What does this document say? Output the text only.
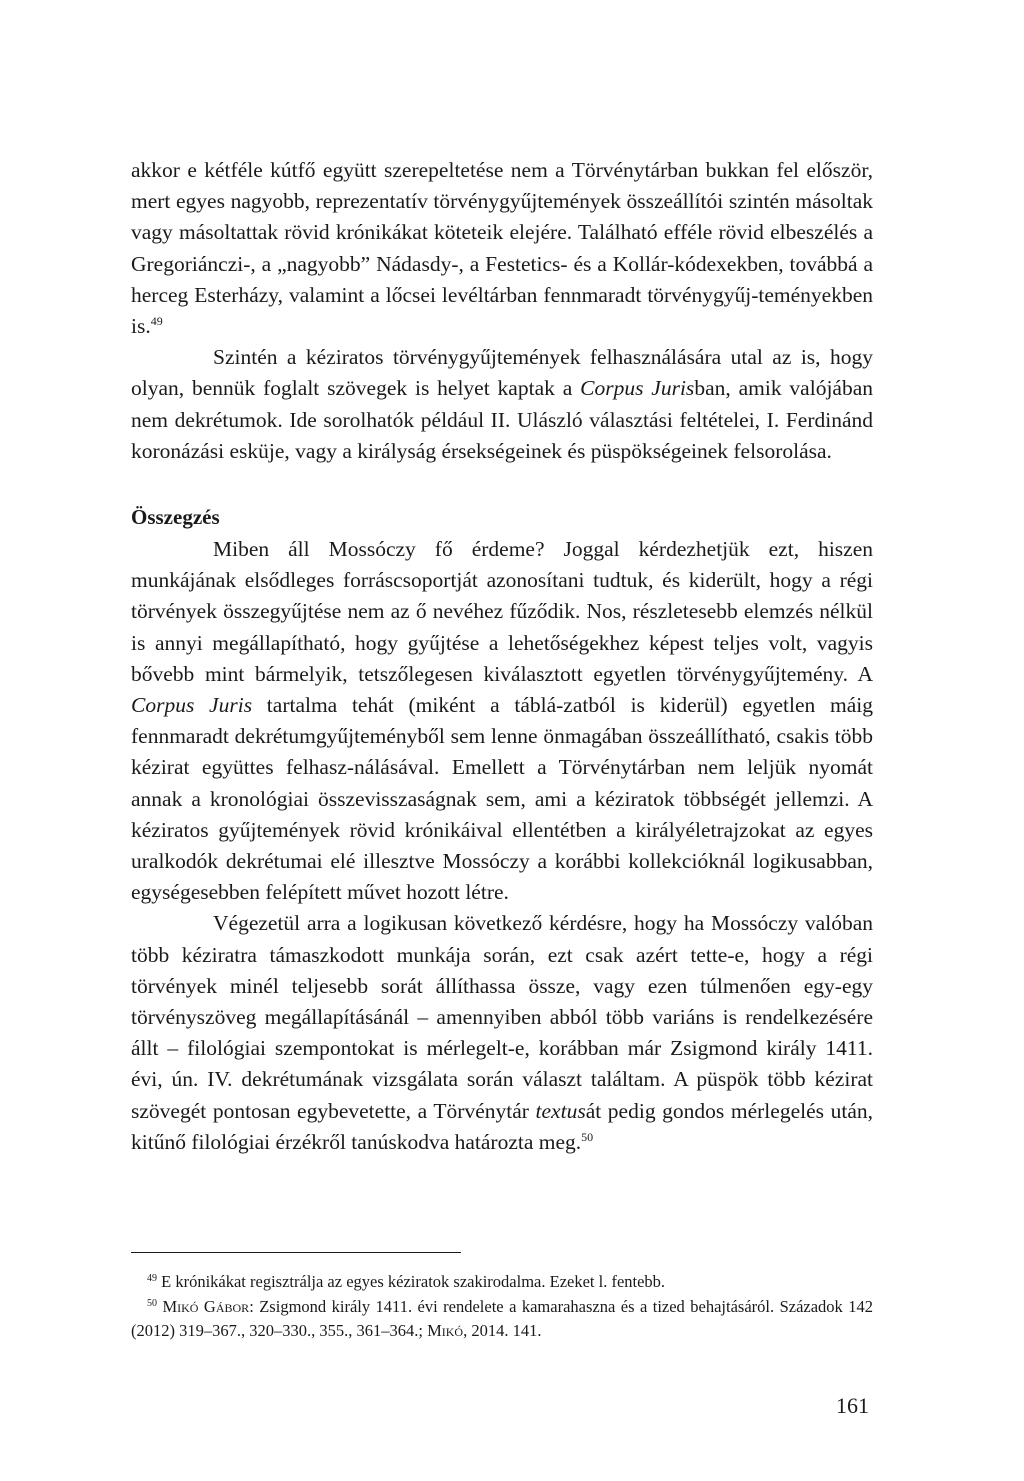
akkor e kétféle kútfő együtt szerepeltetése nem a Törvénytárban bukkan fel először, mert egyes nagyobb, reprezentatív törvénygyűjtemények összeállítói szintén másoltak vagy másoltattak rövid krónikákat köteteik elejére. Található efféle rövid elbeszélés a Gregoriánczi-, a „nagyobb” Nádasdy-, a Festetics- és a Kollár-kódexekben, továbbá a herceg Esterházy, valamint a lőcsei levéltárban fennmaradt törvénygyűj-teményekben is.$^{49}$

Szintén a kéziratos törvénygyűjtemények felhasználására utal az is, hogy olyan, bennük foglalt szövegek is helyet kaptak a Corpus Jurisban, amik valójában nem dekrétumok. Ide sorolhatók például II. Ulászló választási feltételei, I. Ferdinánd koronázási esküje, vagy a királyság érsekségeinek és püspökségeinek felsorolása.

Összegzés

Miben áll Mossóczy fő érdeme? Joggal kérdezhetjük ezt, hiszen munkájának elsődleges forráscsoportját azonosítani tudtuk, és kiderült, hogy a régi törvények összegyűjtése nem az ő nevéhez fűződik. Nos, részletesebb elemzés nélkül is annyi megállapítható, hogy gyűjtése a lehetőségekhez képest teljes volt, vagyis bővebb mint bármelyik, tetszőlegesen kiválasztott egyetlen törvénygyűjtemény. A Corpus Juris tartalma tehát (miként a táblá-zatból is kiderül) egyetlen máig fennmaradt dekrétumgyűjteményből sem lenne önmagában összeállítható, csakis több kézirat együttes felhasz-nálásával. Emellett a Törvénytárban nem leljük nyomát annak a kronológiai összevisszaságnak sem, ami a kéziratok többségét jellemzi. A kéziratos gyűjtemények rövid krónikáival ellentétben a királyéletrajzokat az egyes uralkodók dekrétumai elé illesztve Mossóczy a korábbi kollekcióknál logikusabban, egységesebben felépített művet hozott létre.

Végezetül arra a logikusan következő kérdésre, hogy ha Mossóczy valóban több kéziratra támaszkodott munkája során, ezt csak azért tette-e, hogy a régi törvények minél teljesebb sorát állíthassa össze, vagy ezen túlmenően egy-egy törvényszöveg megállapításánál – amennyiben abból több variáns is rendelkezésére állt – filológiai szempontokat is mérlegelt-e, korábban már Zsigmond király 1411. évi, ún. IV. dekrétumának vizsgálata során választ találtam. A püspök több kézirat szövegét pontosan egybevetette, a Törvénytár textusát pedig gondos mérlegelés után, kitűnő filológiai érzékről tanúskodva határozta meg.$^{50}$

$^{49}$ E krónikákat regisztrálja az egyes kéziratok szakirodalma. Ezeket l. fentebb.

$^{50}$ Mikó Gábor: Zsigmond király 1411. évi rendelete a kamarahaszna és a tized behajtásáról. Századok 142 (2012) 319–367., 320–330., 355., 361–364.; Mikó, 2014. 141.

161
